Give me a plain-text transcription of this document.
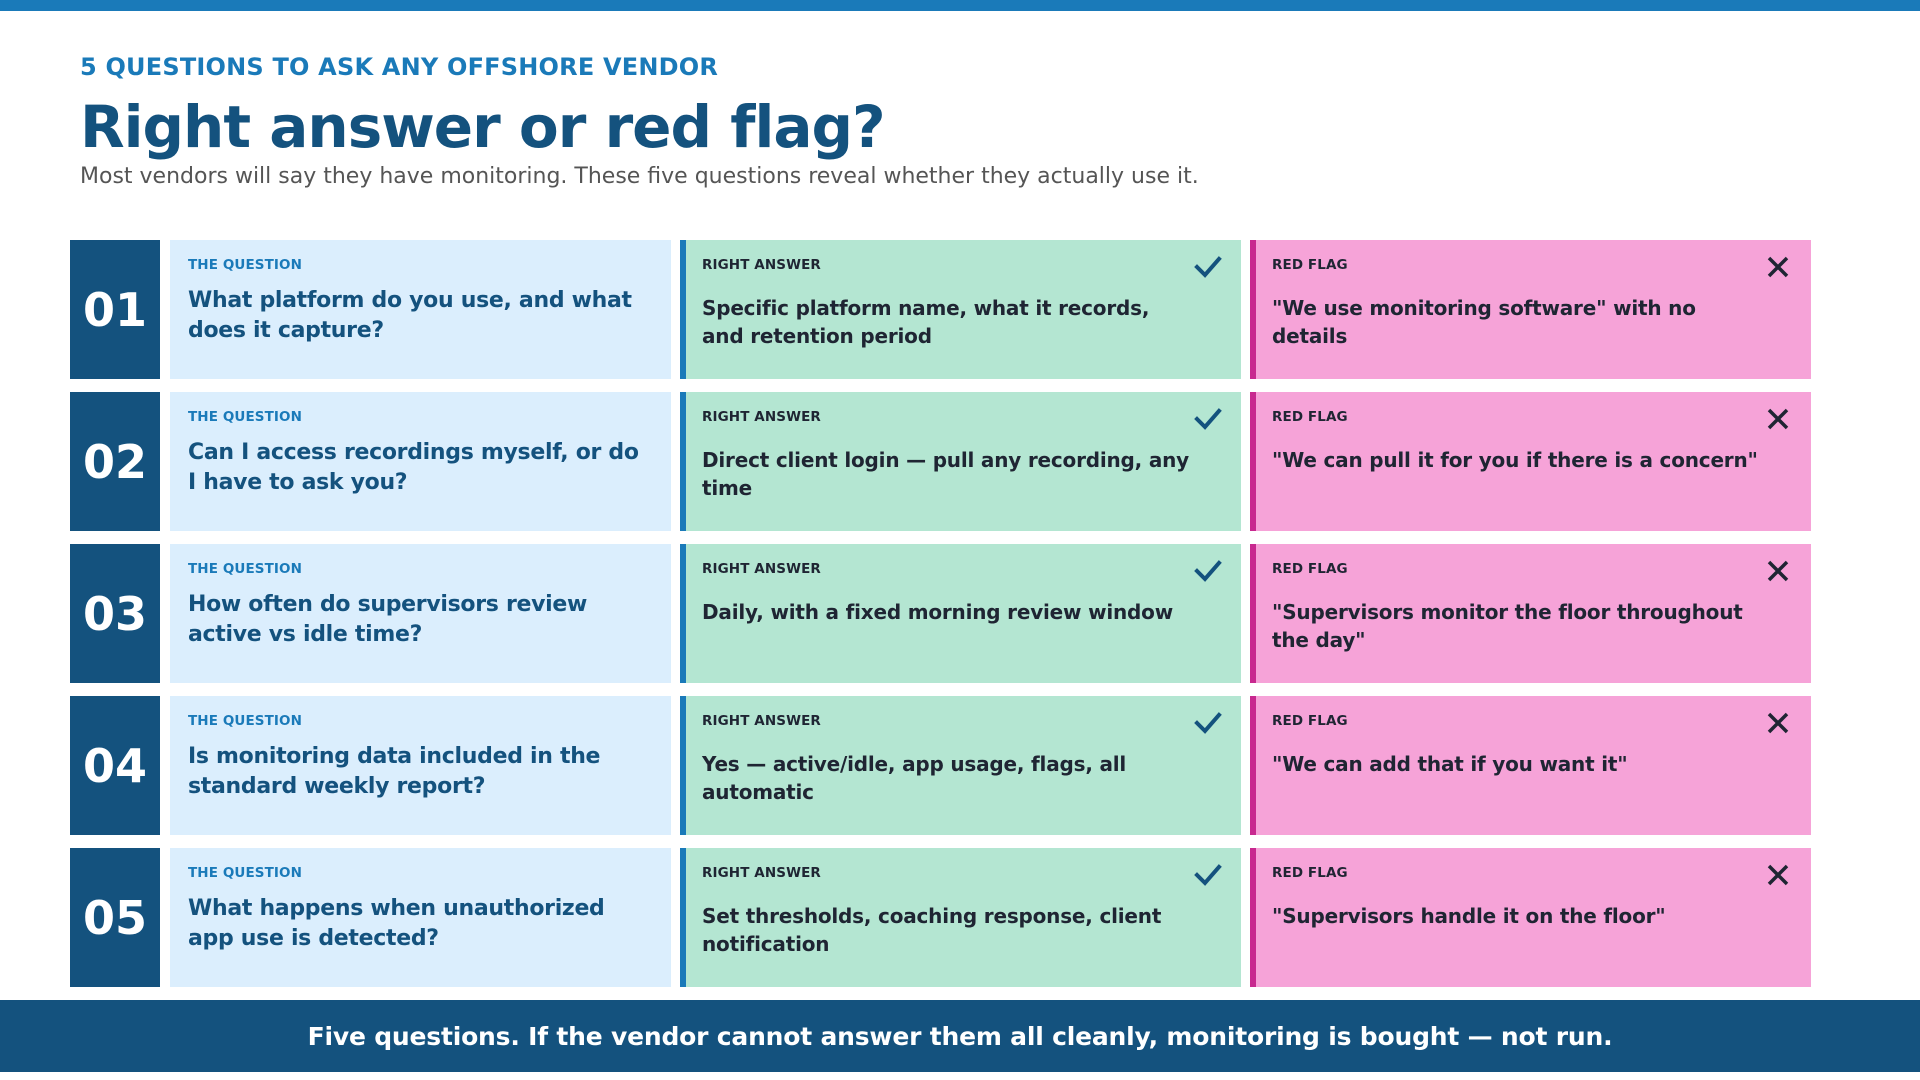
5 QUESTIONS TO ASK ANY OFFSHORE VENDOR
Right answer or red flag?
Most vendors will say they have monitoring. These five questions reveal whether they actually use it.
01
THE QUESTION
What platform do you use, and what does it capture?
RIGHT ANSWER
Specific platform name, what it records, and retention period
RED FLAG
"We use monitoring software" with no details
02
THE QUESTION
Can I access recordings myself, or do I have to ask you?
RIGHT ANSWER
Direct client login — pull any recording, any time
RED FLAG
"We can pull it for you if there is a concern"
03
THE QUESTION
How often do supervisors review active vs idle time?
RIGHT ANSWER
Daily, with a fixed morning review window
RED FLAG
"Supervisors monitor the floor throughout the day"
04
THE QUESTION
Is monitoring data included in the standard weekly report?
RIGHT ANSWER
Yes — active/idle, app usage, flags, all automatic
RED FLAG
"We can add that if you want it"
05
THE QUESTION
What happens when unauthorized app use is detected?
RIGHT ANSWER
Set thresholds, coaching response, client notification
RED FLAG
"Supervisors handle it on the floor"
Five questions. If the vendor cannot answer them all cleanly, monitoring is bought — not run.
